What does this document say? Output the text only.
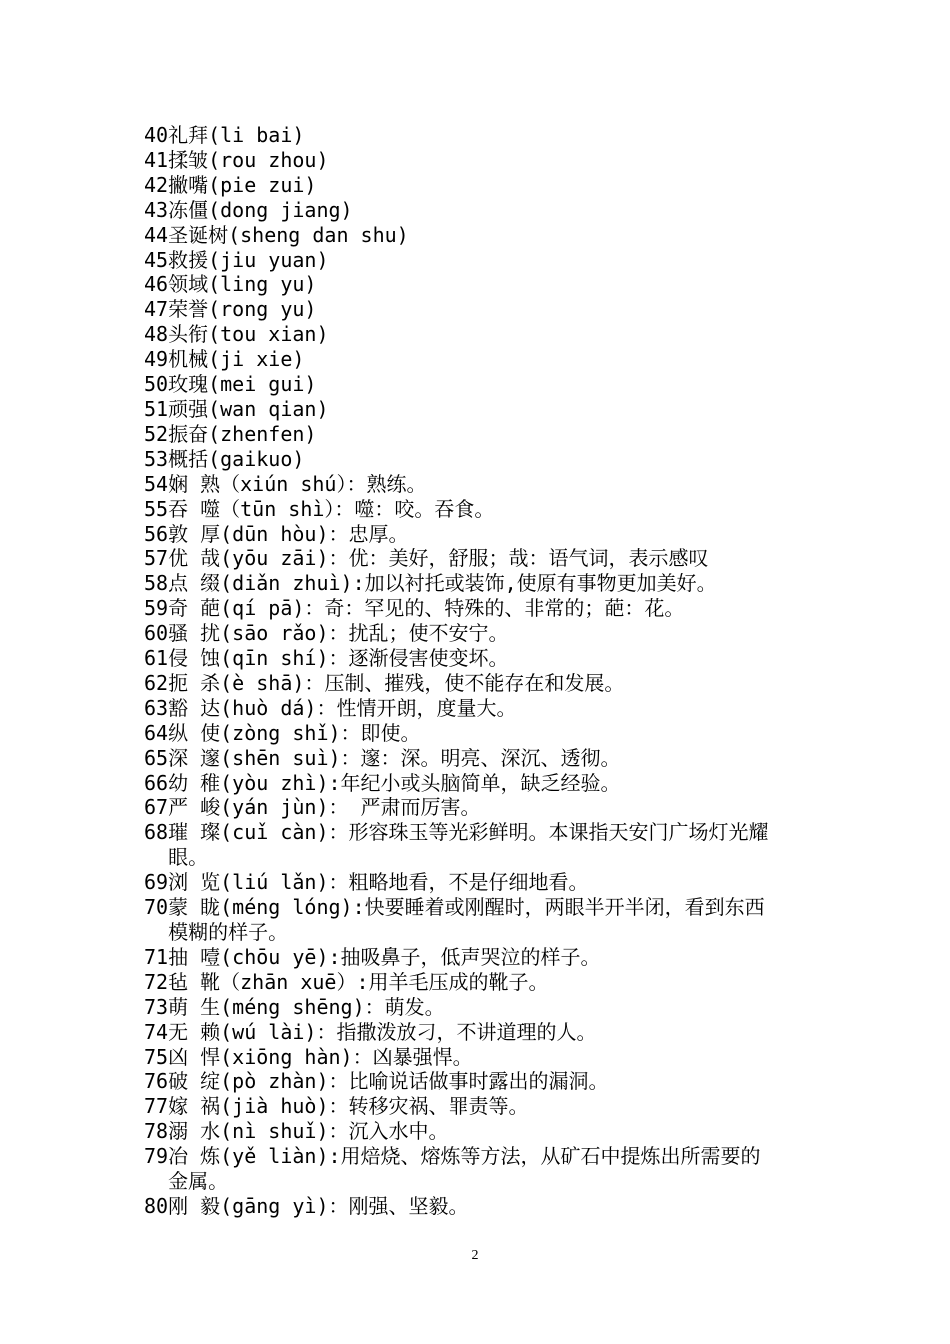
40 礼拜(li bai)
41 揉皱(rou zhou)
42 撇嘴(pie zui)
43 冻僵(dong jiang)
44 圣诞树(sheng dan shu)
45 救援(jiu yuan)
46 领域(ling yu)
47 荣誉(rong yu)
48 头衔(tou xian)
49 机械(ji xie)
50 玫瑰(mei gui)
51 顽强(wan qian)
52 振奋(zhenfen)
53 概括(gaikuo)
54 娴 熟（xiún shú）：熟练。
55 吞 噬（tūn shì）：噬：咬。吞食。
56 敦 厚(dūn hòu)：忠厚。
57 优 哉(yōu zāi)：优：美好，舒服；哉：语气词，表示感叹
58 点 缀(diǎn zhuì):加以衬托或装饰,使原有事物更加美好。
59 奇 葩(qí pā)：奇：罕见的、特殊的、非常的；葩：花。
60 骚 扰(sāo rǎo)：扰乱；使不安宁。
61 侵 蚀(qīn shí)：逐渐侵害使变坏。
62 扼 杀(è shā)：压制、摧残，使不能存在和发展。
63 豁 达(huò dá)：性情开朗，度量大。
64 纵 使(zòng shǐ)：即使。
65 深 邃(shēn suì)：邃：深。明亮、深沉、透彻。
66 幼 稚(yòu zhì):年纪小或头脑简单，缺乏经验。
67 严 峻(yán jùn)： 严肃而厉害。
68 璀 璨(cuǐ càn)：形容珠玉等光彩鲜明。本课指天安门广场灯光耀眼。
69 浏 览(liú lǎn)：粗略地看，不是仔细地看。
70 蒙 眬(méng lóng):快要睡着或刚醒时，两眼半开半闭，看到东西模糊的样子。
71 抽 噎(chōu yē):抽吸鼻子，低声哭泣的样子。
72 毡 靴（zhān xuē）:用羊毛压成的靴子。
73 萌 生(méng shēng)：萌发。
74 无 赖(wú lài)：指撒泼放刁，不讲道理的人。
75 凶 悍(xiōng hàn)：凶暴强悍。
76 破 绽(pò zhàn)：比喻说话做事时露出的漏洞。
77 嫁 祸(jià huò)：转移灾祸、罪责等。
78 溺 水(nì shuǐ)：沉入水中。
79 冶 炼(yě liàn):用焙烧、熔炼等方法，从矿石中提炼出所需要的金属。
80 刚 毅(gāng yì)：刚强、坚毅。
2
